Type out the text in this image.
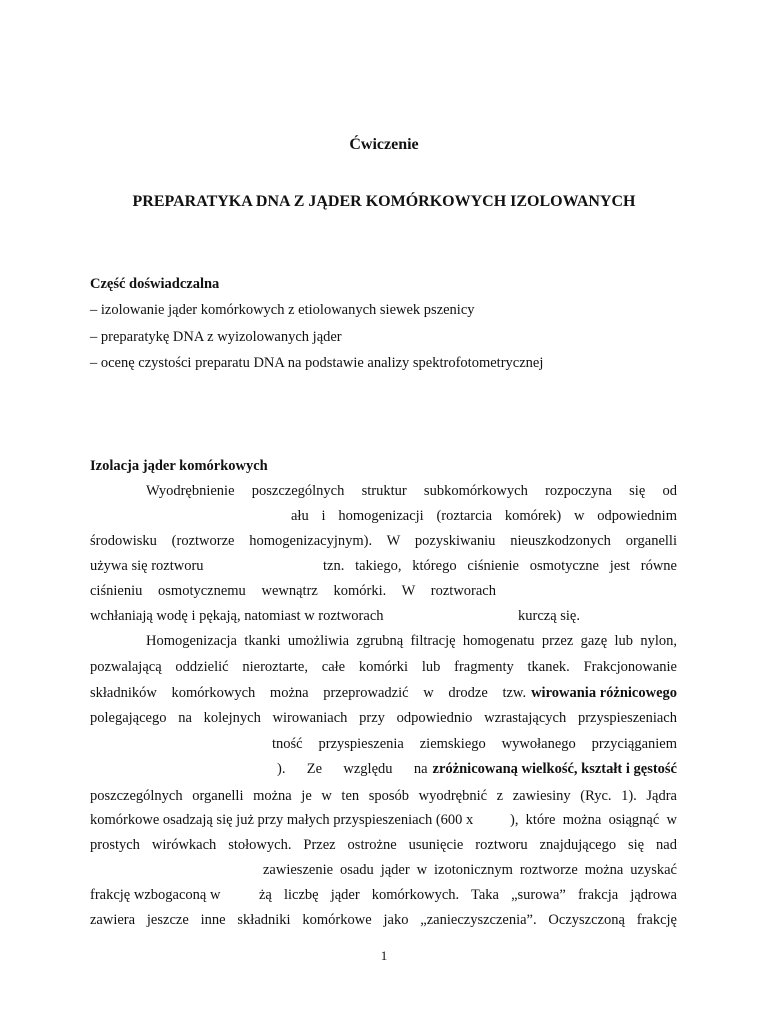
Ćwiczenie
PREPARATYKA DNA Z JĄDER KOMÓRKOWYCH IZOLOWANYCH
Część doświadczalna
– izolowanie jąder komórkowych z etiolowanych siewek pszenicy
– preparatykę DNA z wyizolowanych jąder
– ocenę czystości preparatu DNA na podstawie analizy spektrofotometrycznej
Izolacja jąder komórkowych
Wyodrębnienie poszczególnych struktur subkomórkowych rozpoczyna się od
ału i homogenizacji (roztarcia komórek) w odpowiednim
środowisku (roztworze homogenizacyjnym). W pozyskiwaniu nieuszkodzonych organelli
używa się roztworu	tzn. takiego, którego ciśnienie osmotyczne jest równe
ciśnieniu osmotycznemu wewnątrz komórki. W roztworach
wchłaniają wodę i pękają, natomiast w roztworach	kurczą się.
Homogenizacja tkanki umożliwia zgrubną filtrację homogenatu przez gazę lub nylon,
pozwalającą oddzielić nieroztarte, całe komórki lub fragmenty tkanek. Frakcjonowanie
składników komórkowych można przeprowadzić w drodze tzw. wirowania różnicowego
polegającego na kolejnych wirowaniach przy odpowiednio wzrastających przyspieszeniach
tność przyspieszenia ziemskiego wywołanego przyciąganiem
). Ze względu na zróżnicowaną wielkość, kształt i gęstość
poszczególnych organelli można je w ten sposób wyodrębnić z zawiesiny (Ryc. 1). Jądra
komórkowe osadzają się już przy małych przyspieszeniach (600 x	), które można osiągnąć w
prostych wirówkach stołowych. Przez ostrożne usunięcie roztworu znajdującego się nad
zawieszenie osadu jąder w izotonicznym roztworze można uzyskać
frakcję wzbogaconą w	żą liczbę jąder komórkowych. Taka „surowa” frakcja jądrowa
zawiera jeszcze inne składniki komórkowe jako „zanieczyszczenia”. Oczyszczoną frakcję
1
